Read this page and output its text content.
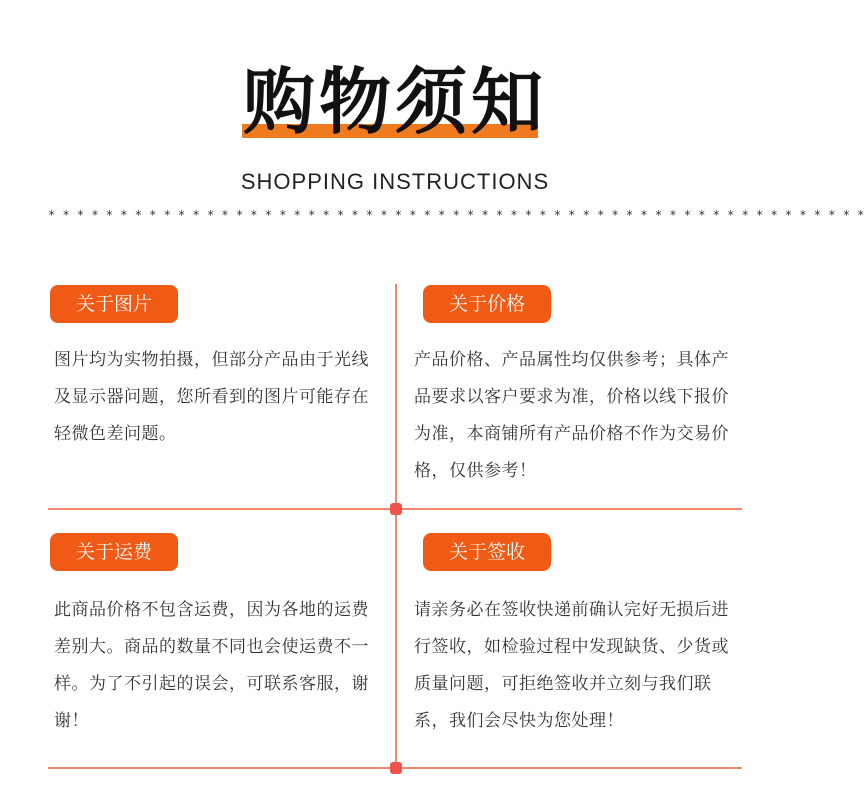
购物须知
SHOPPING INSTRUCTIONS
* * * * * * * * * * * * * * * * * * * * * * * * * * * * * * * * * * * * * * * * * * * * * * * * * * * * * * * * *
关于图片
图片均为实物拍摄，但部分产品由于光线及显示器问题，您所看到的图片可能存在轻微色差问题。
关于价格
产品价格、产品属性均仅供参考；具体产品要求以客户要求为准，价格以线下报价为准，本商铺所有产品价格不作为交易价格，仅供参考！
关于运费
此商品价格不包含运费，因为各地的运费差别大。商品的数量不同也会使运费不一样。为了不引起的误会，可联系客服，谢谢！
关于签收
请亲务必在签收快递前确认完好无损后进行签收，如检验过程中发现缺货、少货或质量问题，可拒绝签收并立刻与我们联系，我们会尽快为您处理！
